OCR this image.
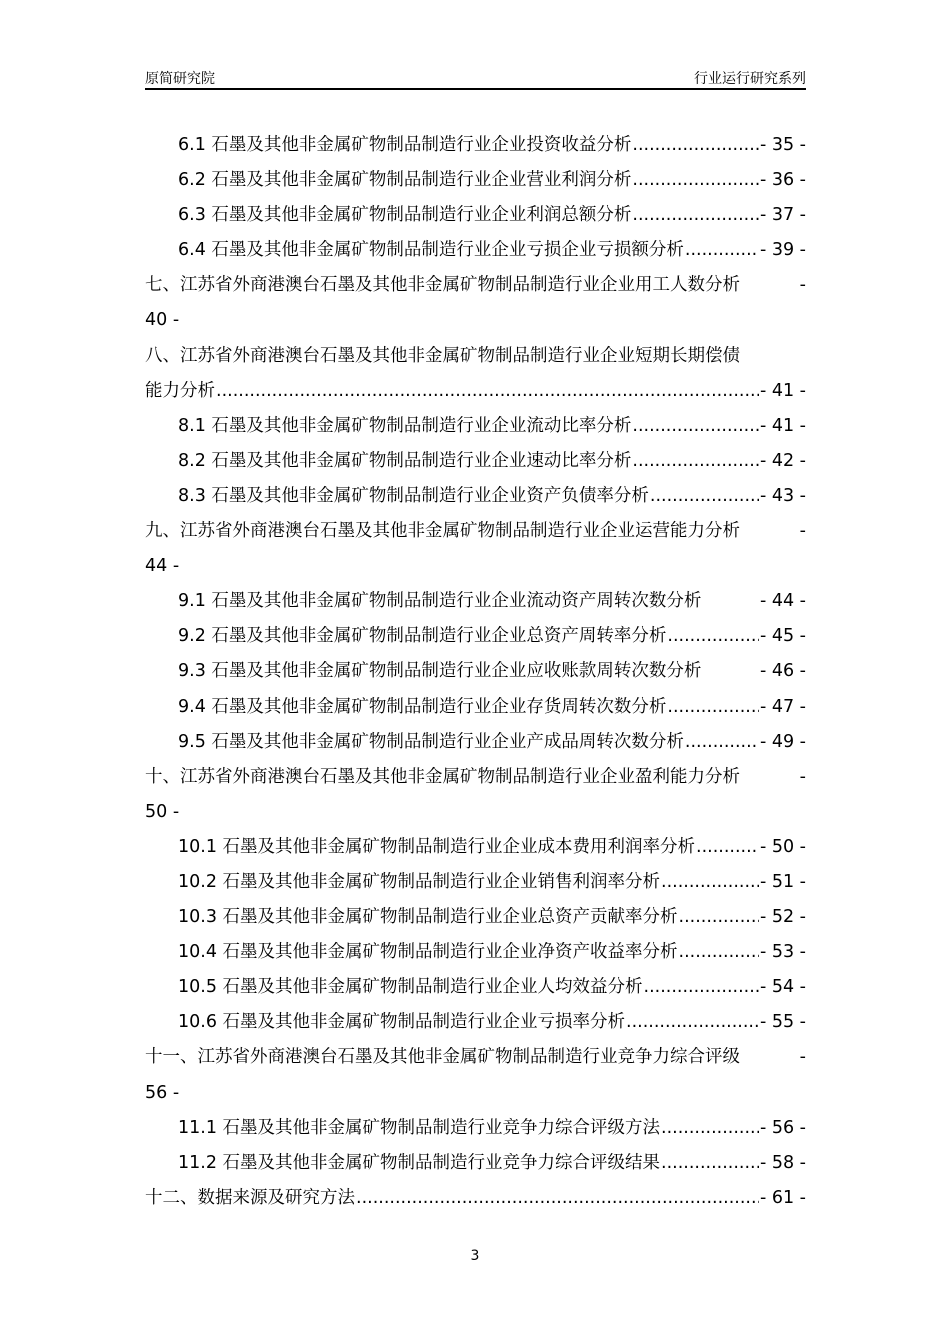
原简研究院	行业运行研究系列
6.1 石墨及其他非金属矿物制品制造行业企业投资收益分析 .....	- 35 -
6.2 石墨及其他非金属矿物制品制造行业企业营业利润分析 .....	- 36 -
6.3 石墨及其他非金属矿物制品制造行业企业利润总额分析 .....	- 37 -
6.4 石墨及其他非金属矿物制品制造行业企业亏损企业亏损额分析 .....	- 39 -
七、江苏省外商港澳台石墨及其他非金属矿物制品制造行业企业用工人数分析	-
40 -
八、江苏省外商港澳台石墨及其他非金属矿物制品制造行业企业短期长期偿债
能力分析 .....	- 41 -
8.1 石墨及其他非金属矿物制品制造行业企业流动比率分析 .....	- 41 -
8.2 石墨及其他非金属矿物制品制造行业企业速动比率分析 .....	- 42 -
8.3 石墨及其他非金属矿物制品制造行业企业资产负债率分析 .....	- 43 -
九、江苏省外商港澳台石墨及其他非金属矿物制品制造行业企业运营能力分析	-
44 -
9.1 石墨及其他非金属矿物制品制造行业企业流动资产周转次数分析	- 44 -
9.2 石墨及其他非金属矿物制品制造行业企业总资产周转率分析 .....	- 45 -
9.3 石墨及其他非金属矿物制品制造行业企业应收账款周转次数分析	- 46 -
9.4 石墨及其他非金属矿物制品制造行业企业存货周转次数分析 .....	- 47 -
9.5 石墨及其他非金属矿物制品制造行业企业产成品周转次数分析 .....	- 49 -
十、江苏省外商港澳台石墨及其他非金属矿物制品制造行业企业盈利能力分析	-
50 -
10.1 石墨及其他非金属矿物制品制造行业企业成本费用利润率分析 .....	- 50 -
10.2 石墨及其他非金属矿物制品制造行业企业销售利润率分析 .....	- 51 -
10.3 石墨及其他非金属矿物制品制造行业企业总资产贡献率分析 .....	- 52 -
10.4 石墨及其他非金属矿物制品制造行业企业净资产收益率分析 .....	- 53 -
10.5 石墨及其他非金属矿物制品制造行业企业人均效益分析 .....	- 54 -
10.6 石墨及其他非金属矿物制品制造行业企业亏损率分析 .....	- 55 -
十一、江苏省外商港澳台石墨及其他非金属矿物制品制造行业竞争力综合评级	-
56 -
11.1 石墨及其他非金属矿物制品制造行业竞争力综合评级方法 .....	- 56 -
11.2 石墨及其他非金属矿物制品制造行业竞争力综合评级结果 .....	- 58 -
十二、数据来源及研究方法 .....	- 61 -
3
